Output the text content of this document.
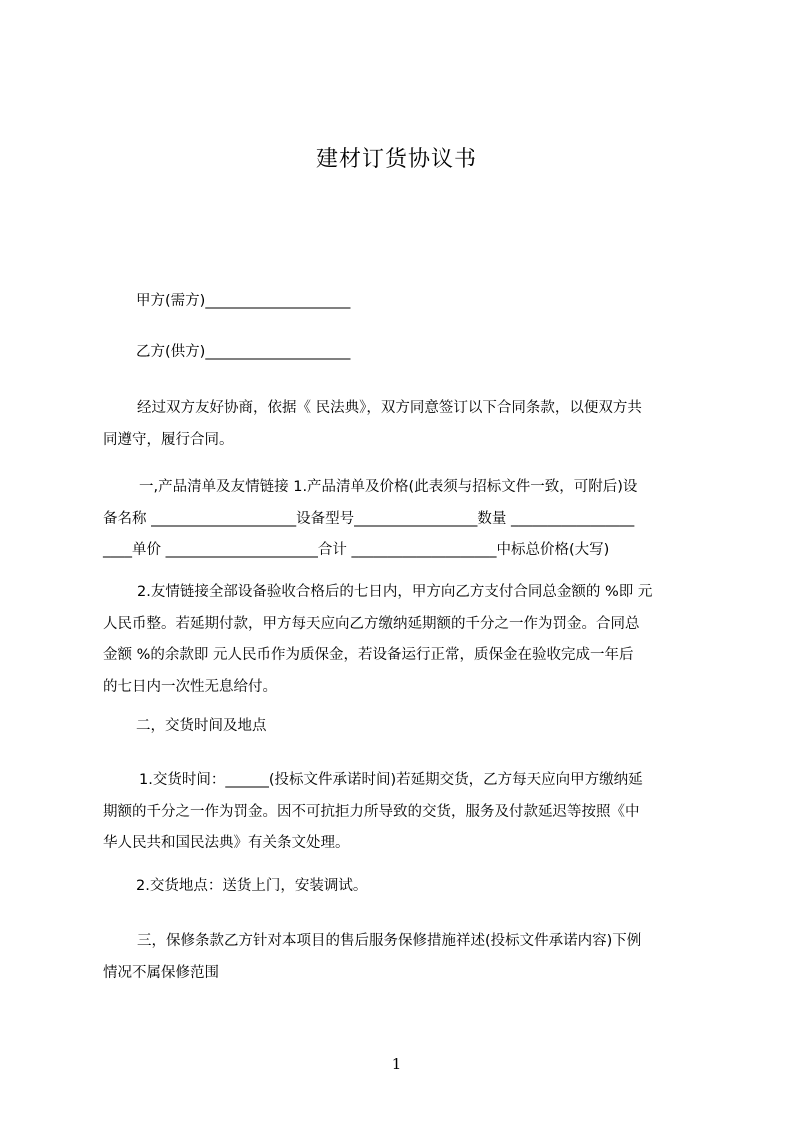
建材订货协议书
甲方(需方)____________________
乙方(供方)____________________
经过双方友好协商，依据《 民法典》，双方同意签订以下合同条款，以便双方共
同遵守，履行合同。
一,产品清单及友情链接 1.产品清单及价格(此表须与招标文件一致，可附后)设
备名称 ____________________设备型号_________________数量 _________________
____单价 _____________________合计 ____________________中标总价格(大写)
2.友情链接全部设备验收合格后的七日内，甲方向乙方支付合同总金额的 %即 元
人民币整。若延期付款，甲方每天应向乙方缴纳延期额的千分之一作为罚金。合同总
金额 %的余款即 元人民币作为质保金，若设备运行正常，质保金在验收完成一年后
的七日内一次性无息给付。
二，交货时间及地点
1.交货时间：______(投标文件承诺时间)若延期交货，乙方每天应向甲方缴纳延
期额的千分之一作为罚金。因不可抗拒力所导致的交货，服务及付款延迟等按照《中
华人民共和国民法典》有关条文处理。
2.交货地点：送货上门，安装调试。
三，保修条款乙方针对本项目的售后服务保修措施祥述(投标文件承诺内容)下例
情况不属保修范围
1
